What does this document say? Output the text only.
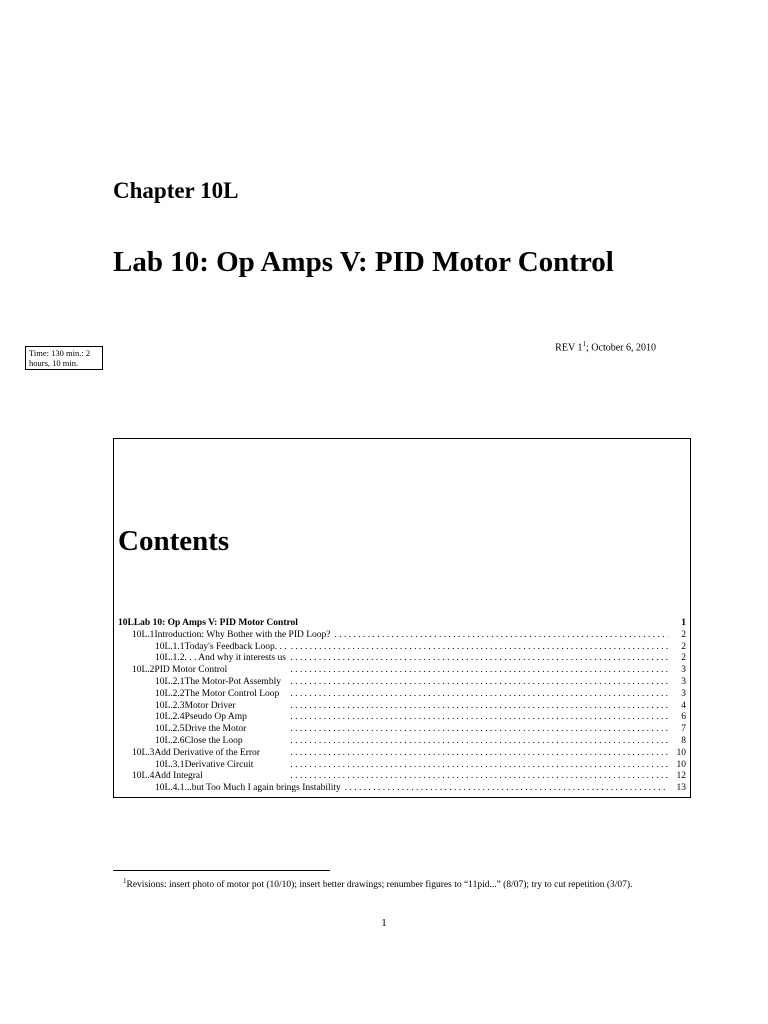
Chapter 10L
Lab 10: Op Amps V: PID Motor Control
REV $1^1$; October 6, 2010
Time: 130 min.: 2 hours, 10 min.
Contents
10L Lab 10: Op Amps V: PID Motor Control	1
10L.1 Introduction: Why Bother with the PID Loop? . . .	2
10L.1.1 Today's Feedback Loop. . . . . .	2
10L.1.2 . . . And why it interests us . . .	2
10L.2 PID Motor Control . . .	3
10L.2.1 The Motor-Pot Assembly . . .	3
10L.2.2 The Motor Control Loop . . .	3
10L.2.3 Motor Driver . . .	4
10L.2.4 Pseudo Op Amp . . .	6
10L.2.5 Drive the Motor . . .	7
10L.2.6 Close the Loop . . .	8
10L.3 Add Derivative of the Error . . .	10
10L.3.1 Derivative Circuit . . .	10
10L.4 Add Integral . . .	12
10L.4.1 ...but Too Much I again brings Instability . . .	13
$^1$Revisions: insert photo of motor pot (10/10); insert better drawings; renumber figures to “11pid...” (8/07); try to cut repetition (3/07).
1
